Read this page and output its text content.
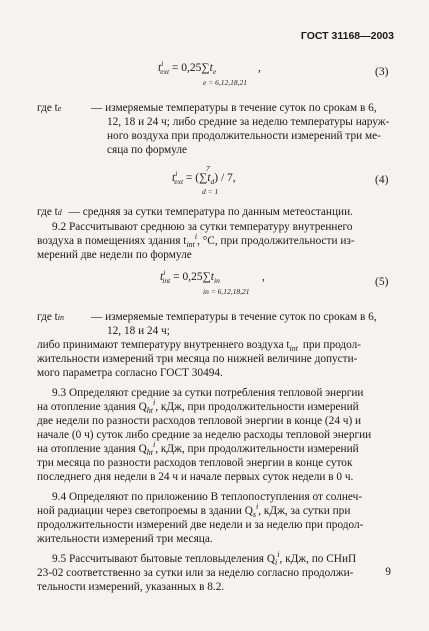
ГОСТ 31168—2003
$t^i_{ext} = 0,25\sum t_e$
e = 6,12,18,21
,	(3)
где te	— измеряемые температуры в течение суток по срокам в 6,
12, 18 и 24 ч; либо средние за неделю температуры наруж-
ного воздуха при продолжительности измерений три ме-
сяца по формуле
7
$t^i_{ext} = (\sum t_d) / 7$,
d = 1
(4)
где td — средняя за сутки температура по данным метеостанции.
9.2 Рассчитывают среднюю за сутки температуру внутреннего
воздуха в помещениях здания $t_{int}^i$, °С, при продолжительности из-
мерений две недели по формуле
$t^i_{int} = 0,25\sum t_{in}$
in = 6,12,18,21
,	(5)
где tin — измеряемые температуры в течение суток по срокам в 6,
12, 18 и 24 ч;
либо принимают температуру внутреннего воздуха $t_{int}$ при продол-
жительности измерений три месяца по нижней величине допусти-
мого параметра согласно ГОСТ 30494.
9.3 Определяют средние за сутки потребления тепловой энергии
на отопление здания $Q_{ht}^i$, кДж, при продолжительности измерений
две недели по разности расходов тепловой энергии в конце (24 ч) и
начале (0 ч) суток либо средние за неделю расходы тепловой энергии
на отопление здания $Q_{ht}^i$, кДж, при продолжительности измерений
три месяца по разности расходов тепловой энергии в конце суток
последнего дня недели в 24 ч и начале первых суток недели в 0 ч.
9.4 Определяют по приложению В теплопоступления от солнеч-
ной радиации через светопроемы в здании $Q_s^i$, кДж, за сутки при
продолжительности измерений две недели и за неделю при продол-
жительности измерений три месяца.
9.5 Рассчитывают бытовые тепловыделения $Q_i^i$, кДж, по СНиП
23-02 соответственно за сутки или за неделю согласно продолжи-
тельности измерений, указанных в 8.2.
9
